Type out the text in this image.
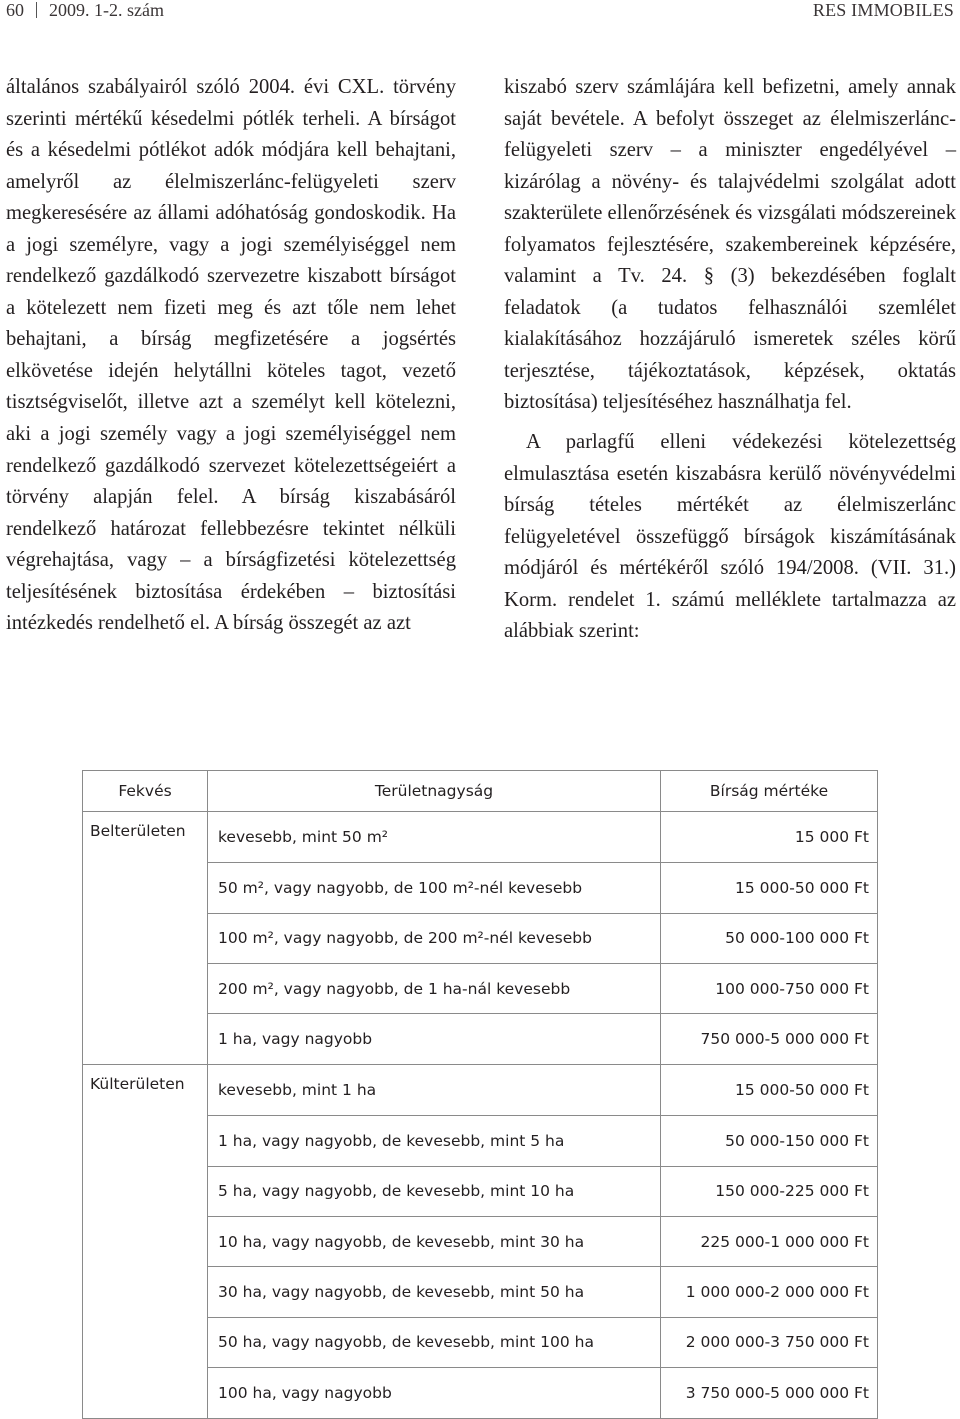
60 2009. 1-2. szám	RES IMMOBILES

általános szabályairól szóló 2004. évi CXL. törvény szerinti mértékű késedelmi pótlék terheli. A bírságot és a késedelmi pótlékot adók módjára kell behajtani, amelyről az élelmiszerlánc-felügyeleti szerv megkeresésére az állami adóhatóság gondoskodik. Ha a jogi személyre, vagy a jogi személyiséggel nem rendelkező gazdálkodó szervezetre kiszabott bírságot a kötelezett nem fizeti meg és azt tőle nem lehet behajtani, a bírság megfizetésére a jogsértés elkövetése idején helytállni köteles tagot, vezető tisztségviselőt, illetve azt a személyt kell kötelezni, aki a jogi személy vagy a jogi személyiséggel nem rendelkező gazdálkodó szervezet kötelezettségeiért a törvény alapján felel. A bírság kiszabásáról rendelkező határozat fellebbezésre tekintet nélküli végrehajtása, vagy – a bírságfizetési kötelezettség teljesítésének biztosítása érdekében – biztosítási intézkedés rendelhető el. A bírság összegét az azt

kiszabó szerv számlájára kell befizetni, amely annak saját bevétele. A befolyt összeget az élelmiszerlánc-felügyeleti szerv – a miniszter engedélyével – kizárólag a növény- és talajvédelmi szolgálat adott szakterülete ellenőrzésének és vizsgálati módszereinek folyamatos fejlesztésére, szakembereinek képzésére, valamint a Tv. 24. § (3) bekezdésében foglalt feladatok (a tudatos felhasználói szemlélet kialakításához hozzájáruló ismeretek széles körű terjesztése, tájékoztatások, képzések, oktatás biztosítása) teljesítéséhez használhatja fel.

A parlagfű elleni védekezési kötelezettség elmulasztása esetén kiszabásra kerülő növényvédelmi bírság tételes mértékét az élelmiszerlánc felügyeletével összefüggő bírságok kiszámításának módjáról és mértékéről szóló 194/2008. (VII. 31.) Korm. rendelet 1. számú melléklete tartalmazza az alábbiak szerint:

Fekvés	Területnagyság	Bírság mértéke
Belterületen	kevesebb, mint 50 m²	15 000 Ft
	50 m², vagy nagyobb, de 100 m²-nél kevesebb	15 000-50 000 Ft
	100 m², vagy nagyobb, de 200 m²-nél kevesebb	50 000-100 000 Ft
	200 m², vagy nagyobb, de 1 ha-nál kevesebb	100 000-750 000 Ft
	1 ha, vagy nagyobb	750 000-5 000 000 Ft
Külterületen	kevesebb, mint 1 ha	15 000-50 000 Ft
	1 ha, vagy nagyobb, de kevesebb, mint 5 ha	50 000-150 000 Ft
	5 ha, vagy nagyobb, de kevesebb, mint 10 ha	150 000-225 000 Ft
	10 ha, vagy nagyobb, de kevesebb, mint 30 ha	225 000-1 000 000 Ft
	30 ha, vagy nagyobb, de kevesebb, mint 50 ha	1 000 000-2 000 000 Ft
	50 ha, vagy nagyobb, de kevesebb, mint 100 ha	2 000 000-3 750 000 Ft
	100 ha, vagy nagyobb	3 750 000-5 000 000 Ft
